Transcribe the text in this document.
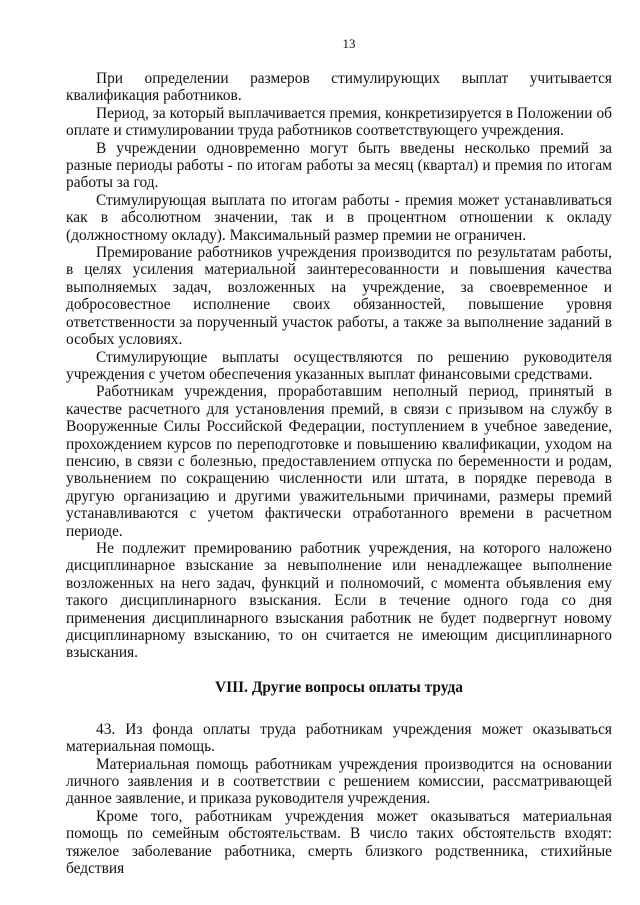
13

При определении размеров стимулирующих выплат учитывается квалификация работников.

Период, за который выплачивается премия, конкретизируется в Положении об оплате и стимулировании труда работников соответствующего учреждения.

В учреждении одновременно могут быть введены несколько премий за разные периоды работы - по итогам работы за месяц (квартал) и премия по итогам работы за год.

Стимулирующая выплата по итогам работы - премия может устанавливаться как в абсолютном значении, так и в процентном отношении к окладу (должностному окладу). Максимальный размер премии не ограничен.

Премирование работников учреждения производится по результатам работы, в целях усиления материальной заинтересованности и повышения качества выполняемых задач, возложенных на учреждение, за своевременное и добросовестное исполнение своих обязанностей, повышение уровня ответственности за порученный участок работы, а также за выполнение заданий в особых условиях.

Стимулирующие выплаты осуществляются по решению руководителя учреждения с учетом обеспечения указанных выплат финансовыми средствами.

Работникам учреждения, проработавшим неполный период, принятый в качестве расчетного для установления премий, в связи с призывом на службу в Вооруженные Силы Российской Федерации, поступлением в учебное заведение, прохождением курсов по переподготовке и повышению квалификации, уходом на пенсию, в связи с болезнью, предоставлением отпуска по беременности и родам, увольнением по сокращению численности или штата, в порядке перевода в другую организацию и другими уважительными причинами, размеры премий устанавливаются с учетом фактически отработанного времени в расчетном периоде.

Не подлежит премированию работник учреждения, на которого наложено дисциплинарное взыскание за невыполнение или ненадлежащее выполнение возложенных на него задач, функций и полномочий, с момента объявления ему такого дисциплинарного взыскания. Если в течение одного года со дня применения дисциплинарного взыскания работник не будет подвергнут новому дисциплинарному взысканию, то он считается не имеющим дисциплинарного взыскания.

VIII. Другие вопросы оплаты труда

43. Из фонда оплаты труда работникам учреждения может оказываться материальная помощь.

Материальная помощь работникам учреждения производится на основании личного заявления и в соответствии с решением комиссии, рассматривающей данное заявление, и приказа руководителя учреждения.

Кроме того, работникам учреждения может оказываться материальная помощь по семейным обстоятельствам. В число таких обстоятельств входят: тяжелое заболевание работника, смерть близкого родственника, стихийные бедствия
